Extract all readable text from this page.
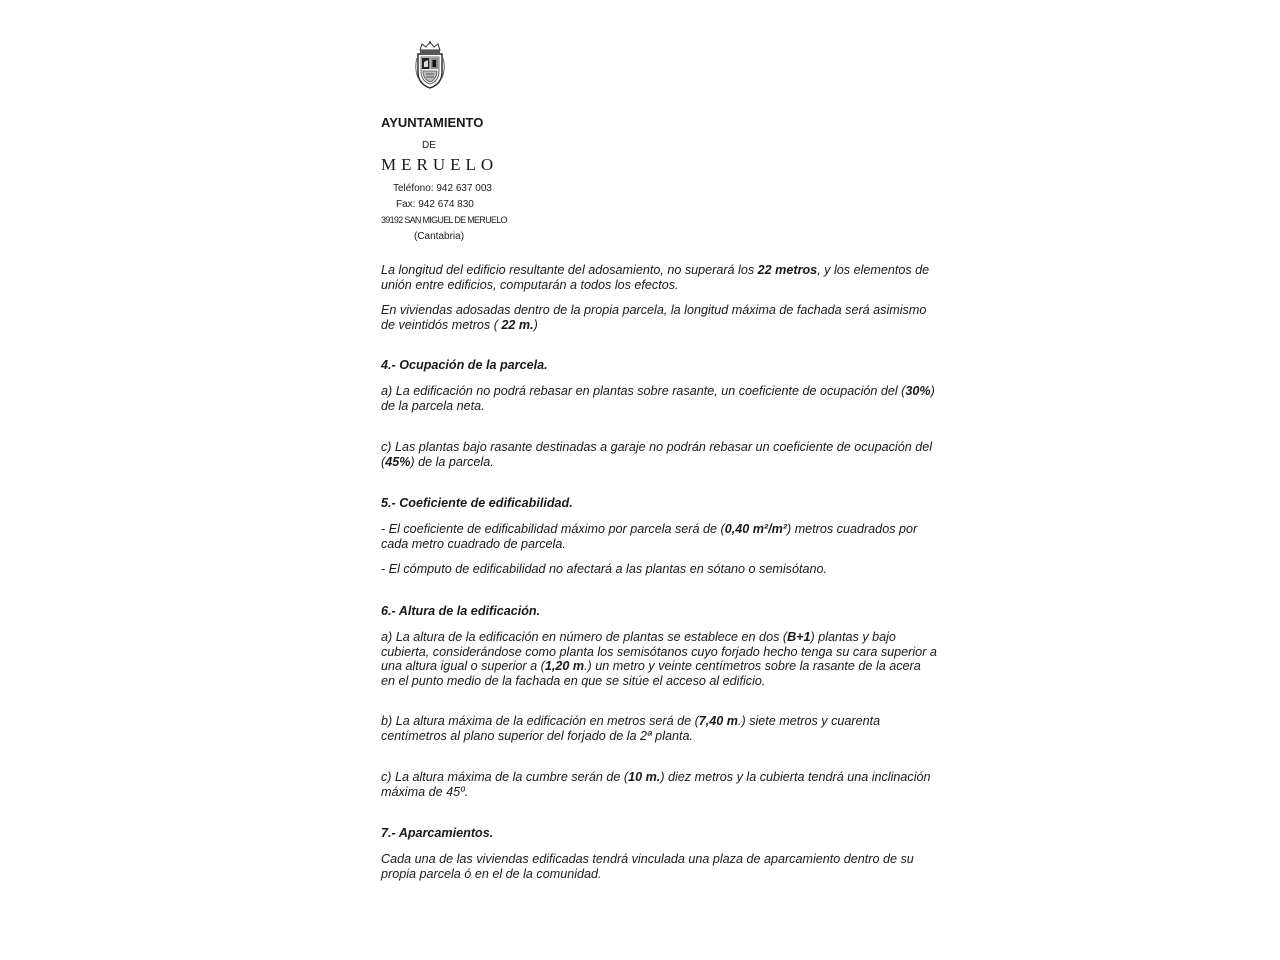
AYUNTAMIENTO

DE
MERUELO
Teléfono: 942 637 003
Fax: 942 674 830
39192 SAN MIGUEL DE MERUELO
(Cantabria)

La longitud del edificio resultante del adosamiento, no superará los 22 metros, y los elementos de unión entre edificios, computarán a todos los efectos.

En viviendas adosadas dentro de la propia parcela, la longitud máxima de fachada será asimismo de veintidós metros ( 22 m.)

4.- Ocupación de la parcela.

a) La edificación no podrá rebasar en plantas sobre rasante, un coeficiente de ocupación del (30%) de la parcela neta.

c) Las plantas bajo rasante destinadas a garaje no podrán rebasar un coeficiente de ocupación del (45%) de la parcela.

5.- Coeficiente de edificabilidad.

- El coeficiente de edificabilidad máximo por parcela será de (0,40 m²/m²) metros cuadrados por cada metro cuadrado de parcela.

- El cómputo de edificabilidad no afectará a las plantas en sótano o semisótano.

6.- Altura de la edificación.

a) La altura de la edificación en número de plantas se establece en dos (B+1) plantas y bajo cubierta, considerándose como planta los semisótanos cuyo forjado hecho tenga su cara superior a una altura igual o superior a (1,20 m.) un metro y veinte centímetros sobre la rasante de la acera en el punto medio de la fachada en que se sitúe el acceso al edificio.

b) La altura máxima de la edificación en metros será de (7,40 m.) siete metros y cuarenta centímetros al plano superior del forjado de la 2ª planta.

c) La altura máxima de la cumbre serán de (10 m.) diez metros y la cubierta tendrá una inclinación máxima de 45º.

7.- Aparcamientos.

Cada una de las viviendas edificadas tendrá vinculada una plaza de aparcamiento dentro de su propia parcela ó en el de la comunidad.
